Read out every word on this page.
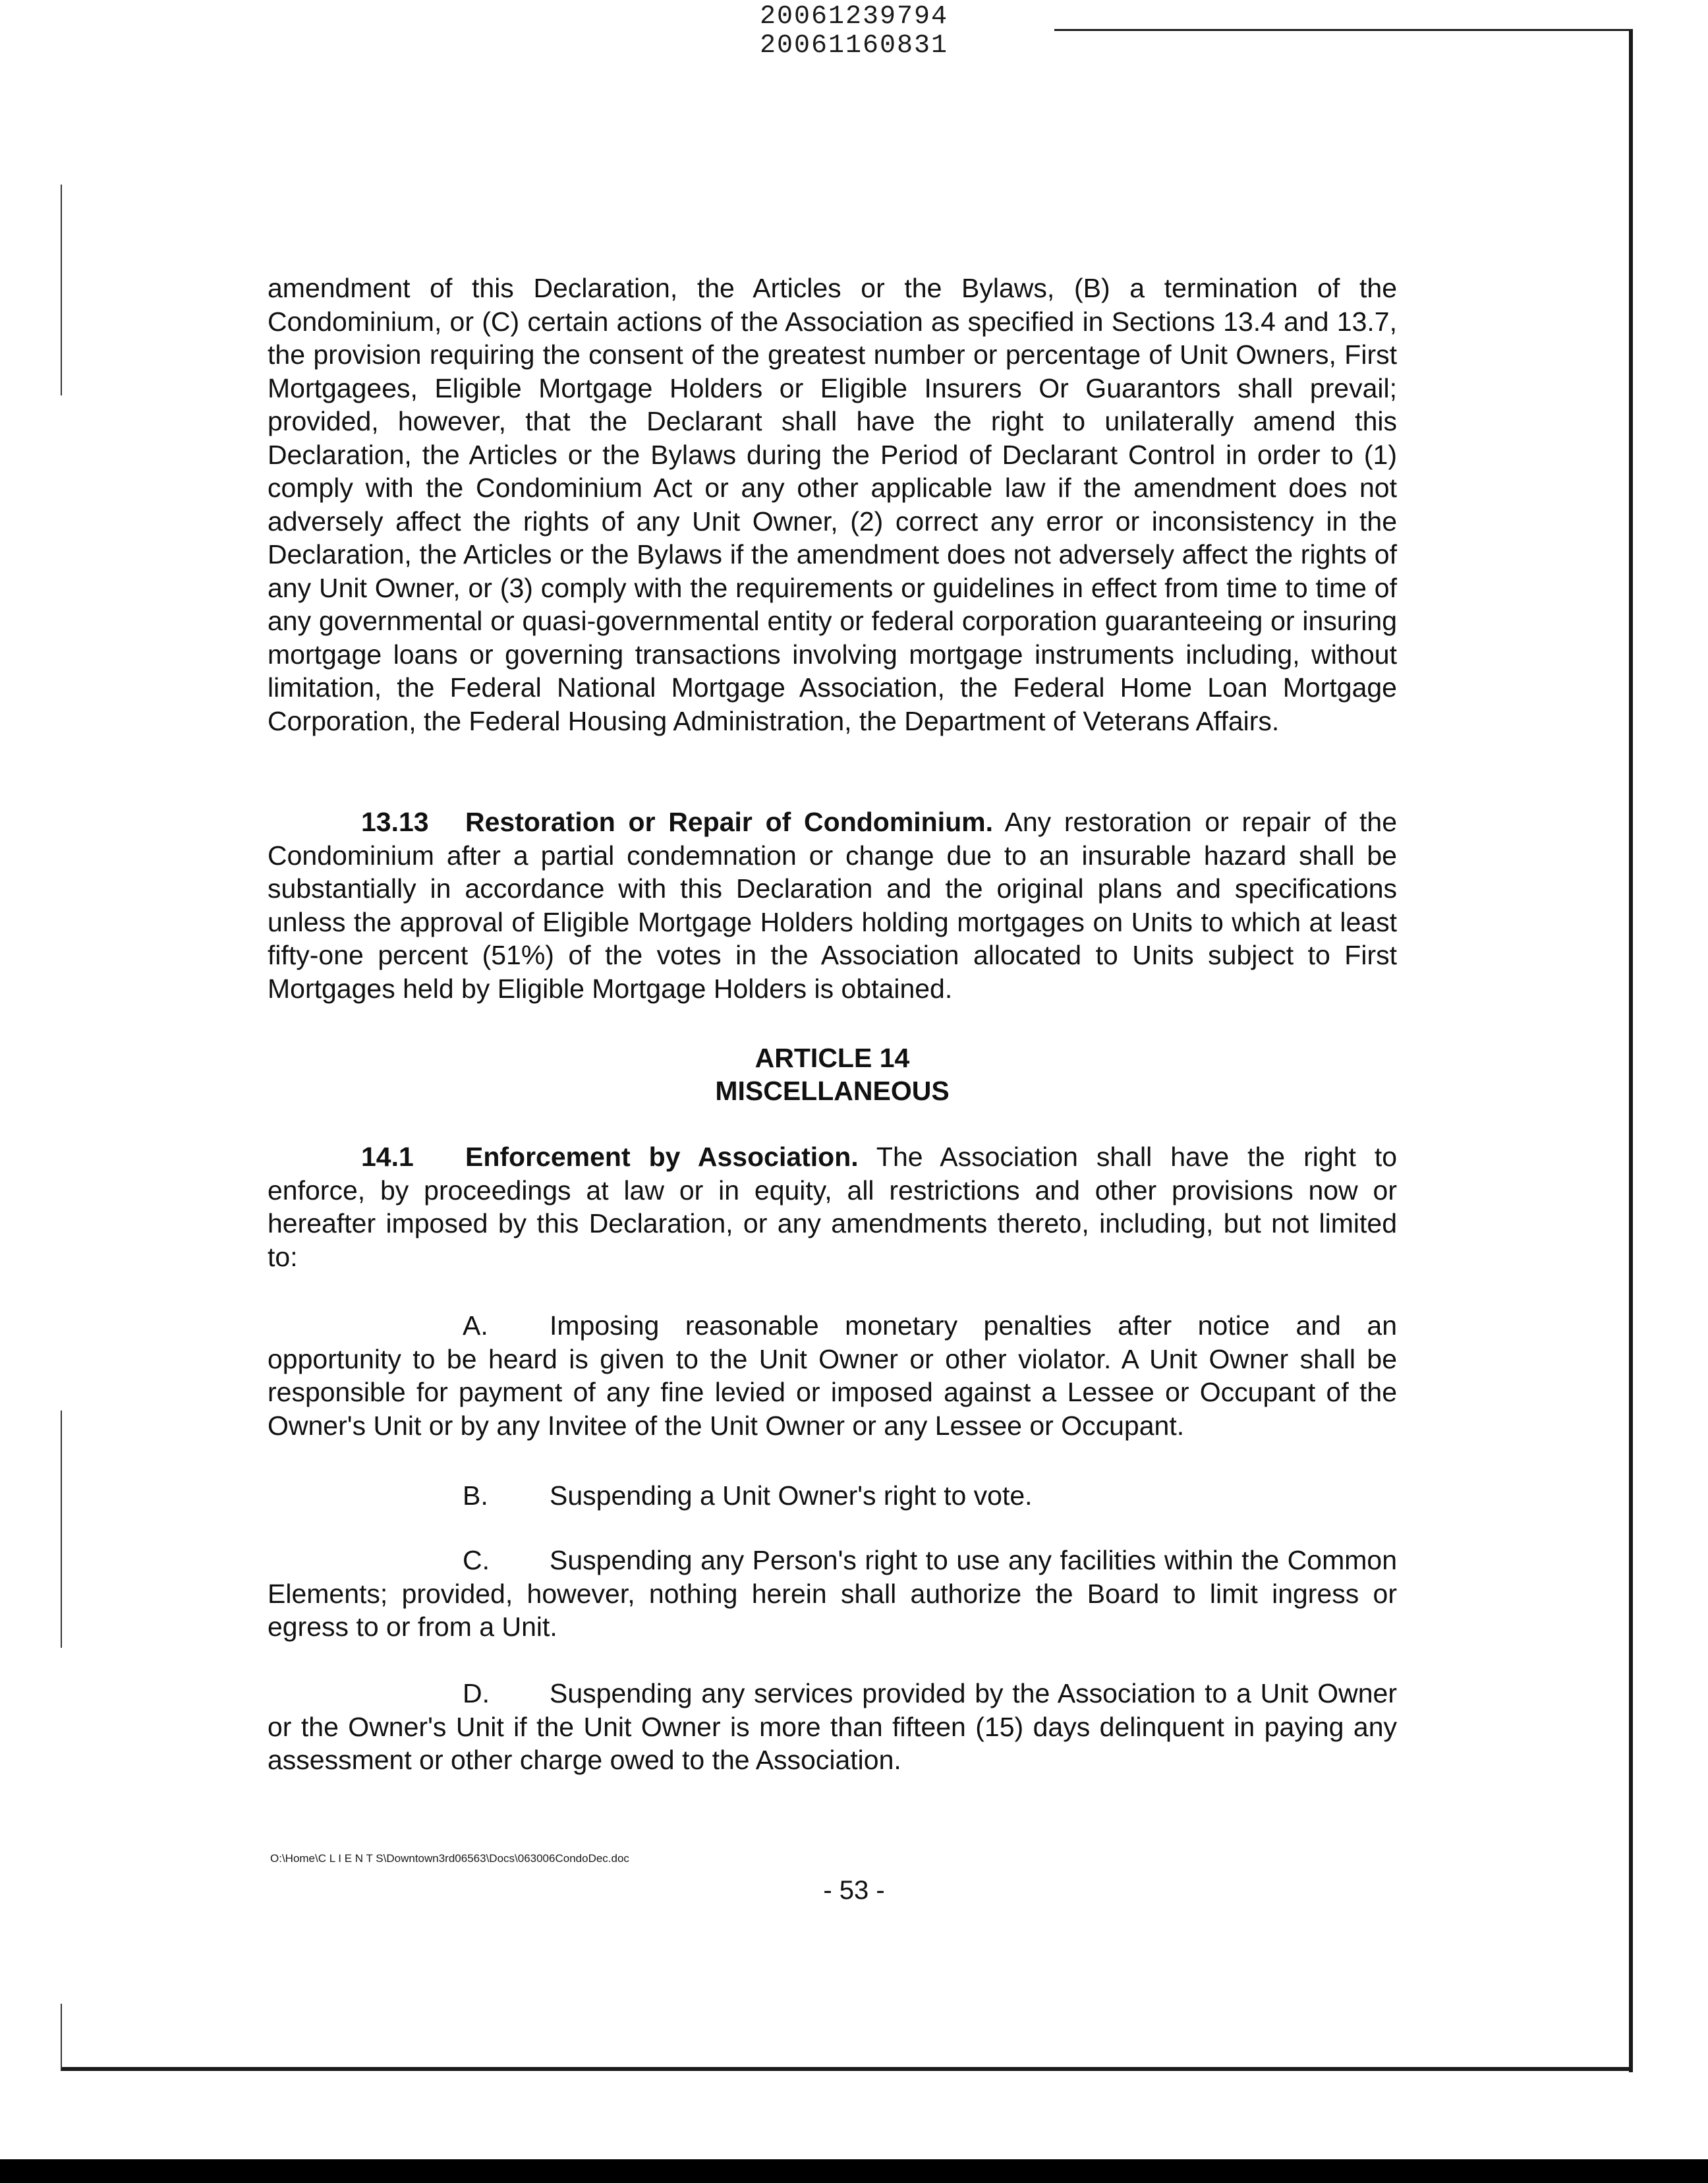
20061239794
20061160831

amendment of this Declaration, the Articles or the Bylaws, (B) a termination of the Condominium, or (C) certain actions of the Association as specified in Sections 13.4 and 13.7, the provision requiring the consent of the greatest number or percentage of Unit Owners, First Mortgagees, Eligible Mortgage Holders or Eligible Insurers Or Guarantors shall prevail; provided, however, that the Declarant shall have the right to unilaterally amend this Declaration, the Articles or the Bylaws during the Period of Declarant Control in order to (1) comply with the Condominium Act or any other applicable law if the amendment does not adversely affect the rights of any Unit Owner, (2) correct any error or inconsistency in the Declaration, the Articles or the Bylaws if the amendment does not adversely affect the rights of any Unit Owner, or (3) comply with the requirements or guidelines in effect from time to time of any governmental or quasi-governmental entity or federal corporation guaranteeing or insuring mortgage loans or governing transactions involving mortgage instruments including, without limitation, the Federal National Mortgage Association, the Federal Home Loan Mortgage Corporation, the Federal Housing Administration, the Department of Veterans Affairs.

13.13 Restoration or Repair of Condominium. Any restoration or repair of the Condominium after a partial condemnation or change due to an insurable hazard shall be substantially in accordance with this Declaration and the original plans and specifications unless the approval of Eligible Mortgage Holders holding mortgages on Units to which at least fifty-one percent (51%) of the votes in the Association allocated to Units subject to First Mortgages held by Eligible Mortgage Holders is obtained.

ARTICLE 14
MISCELLANEOUS

14.1 Enforcement by Association. The Association shall have the right to enforce, by proceedings at law or in equity, all restrictions and other provisions now or hereafter imposed by this Declaration, or any amendments thereto, including, but not limited to:

A. Imposing reasonable monetary penalties after notice and an opportunity to be heard is given to the Unit Owner or other violator. A Unit Owner shall be responsible for payment of any fine levied or imposed against a Lessee or Occupant of the Owner's Unit or by any Invitee of the Unit Owner or any Lessee or Occupant.

B. Suspending a Unit Owner's right to vote.

C. Suspending any Person's right to use any facilities within the Common Elements; provided, however, nothing herein shall authorize the Board to limit ingress or egress to or from a Unit.

D. Suspending any services provided by the Association to a Unit Owner or the Owner's Unit if the Unit Owner is more than fifteen (15) days delinquent in paying any assessment or other charge owed to the Association.

O:\Home\C L I E N T S\Downtown3rd06563\Docs\063006CondoDec.doc
- 53 -
